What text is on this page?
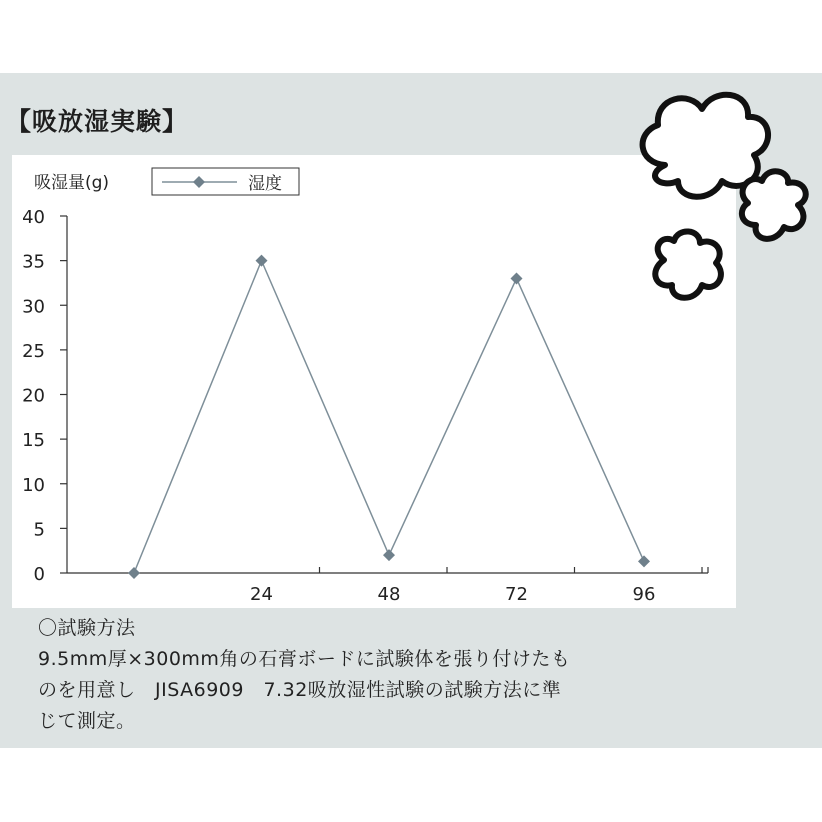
【吸放湿実験】
吸湿量(g)	湿度
0
5
10
15
20
25
30
35
40
24	48	72	96

〇試験方法

9.5mm厚×300mm角の石膏ボードに試験体を張り付けたも

のを用意し　JISA6909　7.32吸放湿性試験の試験方法に準

じて測定。
